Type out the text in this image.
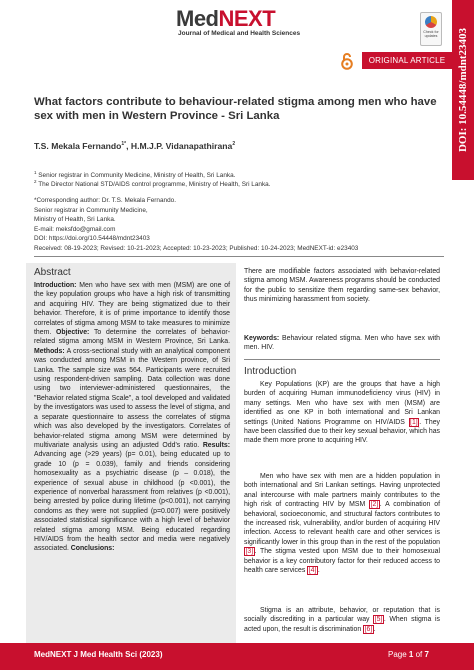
MedNEXT
Journal of Medical and Health Sciences	Check for updates	DOI: 10.54448/mdnt23403
ORIGINAL ARTICLE
What factors contribute to behaviour-related stigma among men who have sex with men in Western Province - Sri Lanka
T.S. Mekala Fernando$^{1*}$, H.M.J.P. Vidanapathirana$^2$
$^1$ Senior registrar in Community Medicine, Ministry of Health, Sri Lanka.
$^2$ The Director National STD/AIDS control programme, Ministry of Health, Sri Lanka.
*Corresponding author: Dr. T.S. Mekala Fernando.
Senior registrar in Community Medicine,
Ministry of Health, Sri Lanka.
E-mail: meksfdo@gmail.com
DOI: https://doi.org/10.54448/mdnt23403
Received: 08-19-2023; Revised: 10-21-2023; Accepted: 10-23-2023; Published: 10-24-2023; MedNEXT-id: e23403
Abstract
Introduction: Men who have sex with men (MSM) are one of the key population groups who have a high risk of transmitting and acquiring HIV. They are being stigmatized due to their behavior. Therefore, it is of prime importance to identify those correlates of stigma among MSM to take measures to minimize them. Objective: To determine the correlates of behavior-related stigma among MSM in Western Province, Sri Lanka. Methods: A cross-sectional study with an analytical component was conducted among MSM in the Western province, of Sri Lanka. The sample size was 564. Participants were recruited using respondent-driven sampling. Data collection was done using two interviewer-administered questionnaires, the "Behavior related stigma Scale", a tool developed and validated by the investigators was used to assess the level of stigma, and a separate questionnaire to assess the correlates of stigma which was also developed by the investigators. Correlates of behavior-related stigma among MSM were determined by multivariate analysis using an adjusted Odd’s ratio. Results: Advancing age (>29 years) (p= 0.01), being educated up to grade 10 (p = 0.039), family and friends considering homosexuality as a psychiatric disease (p – 0.018), the experience of sexual abuse in childhood (p <0.001), the experience of nonverbal harassment from relatives (p <0.001), being arrested by police during lifetime (p<0.001), not carrying condoms as they were not supplied (p=0.007) were positively associated statistical significance with a high level of behavior related stigma among MSM. Being educated regarding HIV/AIDS from the health sector and media were negatively associated. Conclusions:
There are modifiable factors associated with behavior-related stigma among MSM. Awareness programs should be conducted for the public to sensitize them regarding same-sex behavior, thus minimizing harassment from society.
Keywords: Behaviour related stigma. Men who have sex with men. HIV.
Introduction
Key Populations (KP) are the groups that have a high burden of acquiring Human immunodeficiency virus (HIV) in many settings. Men who have sex with men (MSM) are identified as one KP in both international and Sri Lankan settings (United Nations Programme on HIV/AIDS [1] . They have been classified due to their key sexual behavior, which has made them more prone to acquiring HIV.
Men who have sex with men are a hidden population in both international and Sri Lankan settings. Having unprotected anal intercourse with male partners mainly contributes to the high risk of contracting HIV by MSM [2] . A combination of behavioral, socioeconomic, and structural factors contributes to the increased risk, vulnerability, and/or burden of acquiring HIV infection. Access to relevant health care and other services is significantly lower in this group than in the rest of the population [3] . The stigma vested upon MSM due to their homosexual behavior is a key contributory factor for their reduced access to health care services [4] .
Stigma is an attribute, behavior, or reputation that is socially discrediting in a particular way [5] . When stigma is acted upon, the result is discrimination [6] .
MedNEXT J Med Health Sci (2023)	Page 1 of 7
